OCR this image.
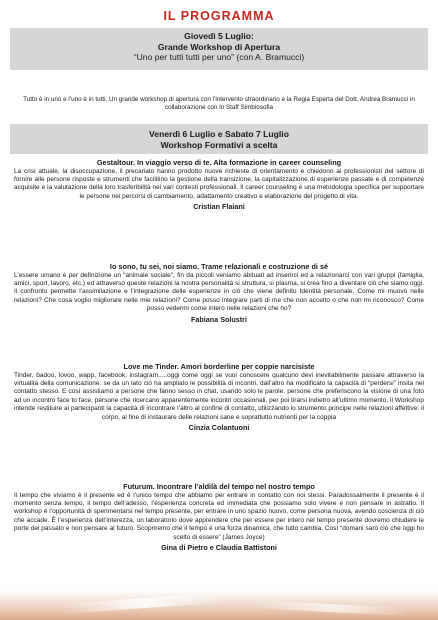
IL PROGRAMMA
Giovedì 5 Luglio:
Grande Workshop di Apertura
“Uno per tutti tutti per uno” (con A. Bramucci)
Tutto è in uno e l’uno è in tutti. Un grande workshop di apertura con l’intervento straordinario e la Regia Esperta del Dott. Andrea Bramucci in collaborazione con lo Staff Simbiosofia
Venerdì 6 Luglio e Sabato 7 Luglio
Workshop Formativi a scelta
Gestaltour. In viaggio verso di te. Alta formazione in career counseling
La crisi attuale, la disoccupazione, il precariato hanno prodotto nuove richieste di orientamento e chiedono ai professionisti del settore di fornire alle persone risposte e strumenti che facilitino la gestione della transizione, la capitalizzazione di esperienze passate e di competenze acquisite e la valutazione della loro trasferibilità nei vari contesti professionali. Il career counseling è una metodologia specifica per supportare le persone nei percorsi di cambiamento, adattamento creativo e elaborazione del progetto di vita.
Cristian Flaiani
Io sono, tu sei, noi siamo. Trame relazionali e costruzione di sé
L’essere umano è per definizione un “animale sociale”, fin da piccoli veniamo abituati ad inserirci ed a relazionarci con vari gruppi (famiglia, amici, sport, lavoro, etc.) ed attraverso queste relazioni la nostra personalità si struttura, si plasma, si crea fino a diventare ciò che siamo oggi. Il confronto permette l’assimilazione e l’integrazione delle esperienze in ciò che viene definito Identità personale. Come mi muovo nelle relazioni? Che cosa voglio migliorare nelle mie relazioni? Come posso integrare parti di me che non accetto o che non mi riconosco? Come posso vedermi come intero nelle relazioni che ho?
Fabiana Solustri
Love me Tinder. Amori borderline per coppie narcisiste
Tinder, badoo, lovoo, wapp, facebook, instagram.....oggi come oggi se vuoi conoscere qualcuno devi inevitabilmente passare attraverso la virtualità della comunicazione: se da un lato ciò ha ampliato le possibilità di incontri, dall’altro ha modificato la capacità di “perdersi” insita nel contatto stesso. E così assistiamo a persone che fanno sesso in chat, usando solo le parole, persone che preferiscono la visione di una foto ad un incontro face to face, persone che ricercano apparentemente incontri occasionali, per poi tirarsi indietro all’ultimo momento, il Workshop intende restituire ai partecipanti la capacità di incontrare l’altro al confine di contatto, utilizzando lo strumento principe nelle relazioni affettive: il corpo, al fine di instaurare delle relazioni sane e soprattutto nutrienti per la coppia
Cinzia Colantuoni
Futurum. Incontrare l’aldilà del tempo nel nostro tempo
Il tempo che viviamo è il presente ed è l’unico tempo che abbiamo per entrare in contatto con noi stessi. Paradossalmente il presente è il momento senza tempo, il tempo dell’adesso, l’esperienza concreta ed immediata che possiamo solo vivere e non pensare in astratto. Il workshop è l’opportunità di sperimentarsi nel tempo presente, per entrare in uno spazio nuovo, come persona nuova, avendo coscienza di ciò che accade. È l’esperienza dell’interezza, un laboratorio dove apprendere che per essere per intero nel tempo presente dovremo chiudere le porte del passato e non pensare al futuro. Scopriremo che il tempo è una forza dinamica, che tutto cambia. Così “domani sarò ciò che oggi ho scelto di essere” (James Joyce)
Gina di Pietro e Claudia Battistoni
